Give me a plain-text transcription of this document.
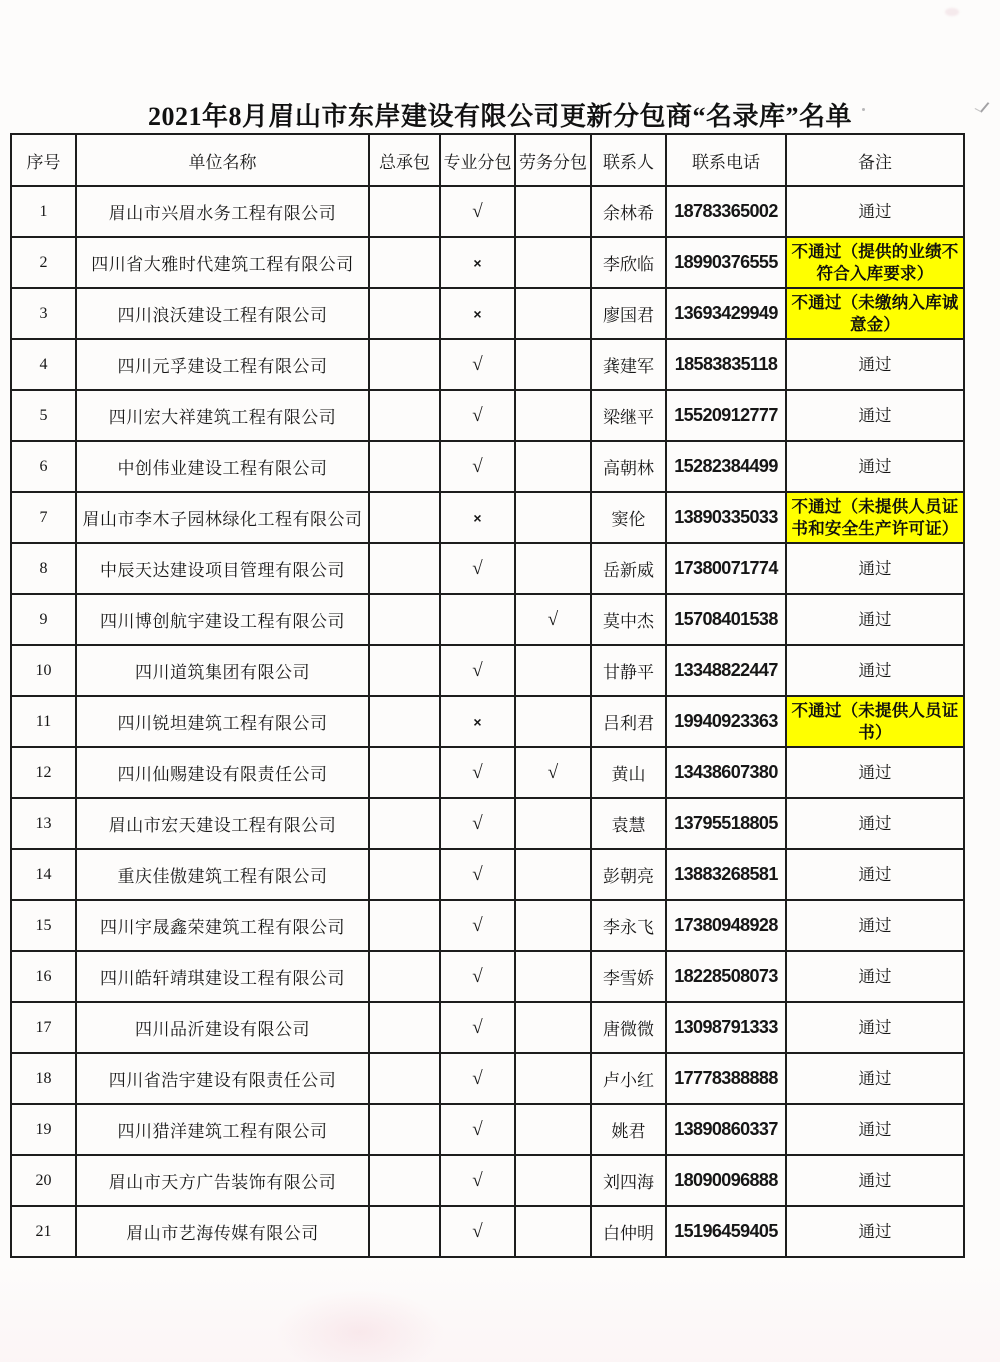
2021年8月眉山市东岸建设有限公司更新分包商“名录库”名单
序号	单位名称	总承包	专业分包	劳务分包	联系人	联系电话	备注
1	眉山市兴眉水务工程有限公司		√		余林希	18783365002	通过
2	四川省大雅时代建筑工程有限公司		×		李欣临	18990376555	不通过（提供的业绩不符合入库要求）
3	四川浪沃建设工程有限公司		×		廖国君	13693429949	不通过（未缴纳入库诚意金）
4	四川元孚建设工程有限公司		√		龚建军	18583835118	通过
5	四川宏大祥建筑工程有限公司		√		梁继平	15520912777	通过
6	中创伟业建设工程有限公司		√		高朝林	15282384499	通过
7	眉山市李木子园林绿化工程有限公司		×		窦伦	13890335033	不通过（未提供人员证书和安全生产许可证）
8	中辰天达建设项目管理有限公司		√		岳新威	17380071774	通过
9	四川博创航宇建设工程有限公司			√	莫中杰	15708401538	通过
10	四川道筑集团有限公司		√		甘静平	13348822447	通过
11	四川锐坦建筑工程有限公司		×		吕利君	19940923363	不通过（未提供人员证书）
12	四川仙赐建设有限责任公司		√	√	黄山	13438607380	通过
13	眉山市宏天建设工程有限公司		√		袁慧	13795518805	通过
14	重庆佳傲建筑工程有限公司		√		彭朝亮	13883268581	通过
15	四川宇晟鑫荣建筑工程有限公司		√		李永飞	17380948928	通过
16	四川皓轩靖琪建设工程有限公司		√		李雪娇	18228508073	通过
17	四川品沂建设有限公司		√		唐微微	13098791333	通过
18	四川省浩宇建设有限责任公司		√		卢小红	17778388888	通过
19	四川猎洋建筑工程有限公司		√		姚君	13890860337	通过
20	眉山市天方广告装饰有限公司		√		刘四海	18090096888	通过
21	眉山市艺海传媒有限公司		√		白仲明	15196459405	通过
